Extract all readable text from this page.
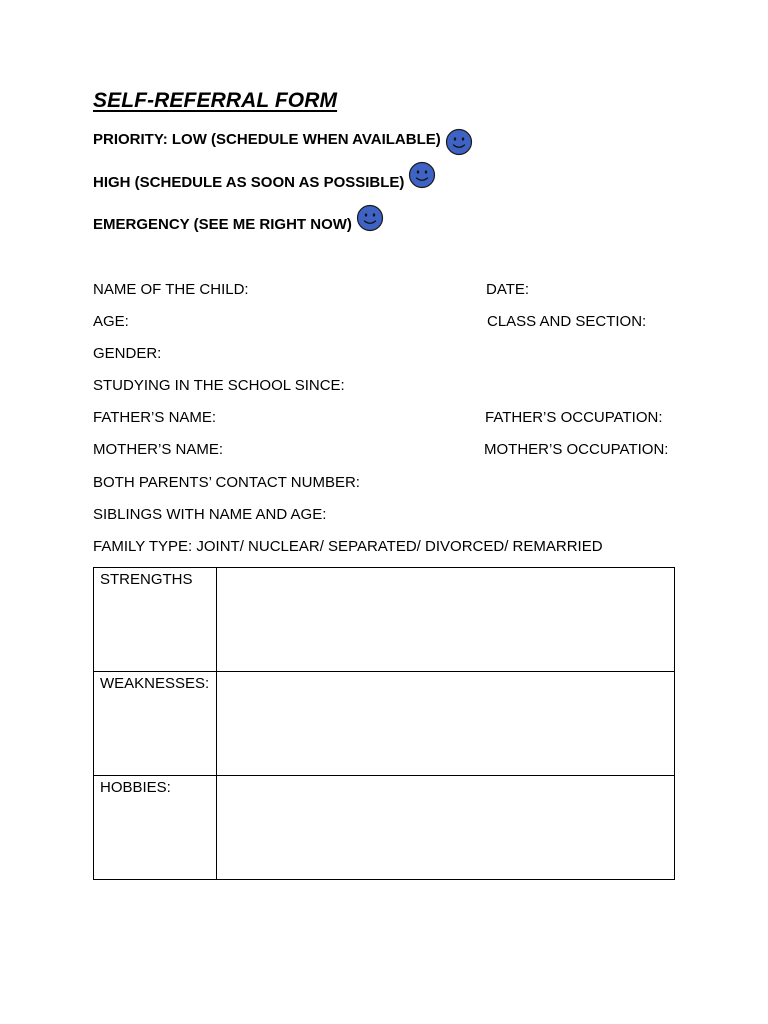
SELF-REFERRAL FORM
PRIORITY: LOW (SCHEDULE WHEN AVAILABLE)
HIGH (SCHEDULE AS SOON AS POSSIBLE)
EMERGENCY (SEE ME RIGHT NOW)
NAME OF THE CHILD:	DATE:
AGE:	CLASS AND SECTION:
GENDER:
STUDYING IN THE SCHOOL SINCE:
FATHER’S NAME:	FATHER’S OCCUPATION:
MOTHER’S NAME:	MOTHER’S OCCUPATION:
BOTH PARENTS’ CONTACT NUMBER:
SIBLINGS WITH NAME AND AGE:
FAMILY TYPE: JOINT/ NUCLEAR/ SEPARATED/ DIVORCED/ REMARRIED
STRENGTHS	
WEAKNESSES:	
HOBBIES:	
